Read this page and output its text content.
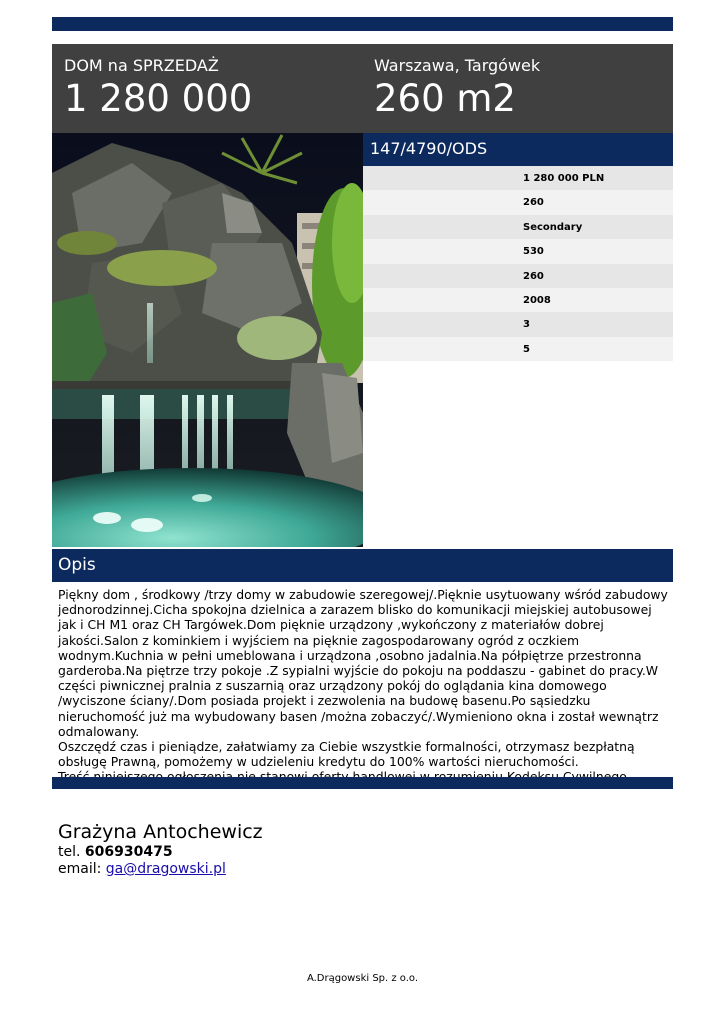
DOM na SPRZEDAŻ
1 280 000
Warszawa, Targówek
260 m2
147/4790/ODS
1 280 000 PLN
260
Secondary
530
260
2008
3
5
Opis

Piękny dom , środkowy /trzy domy w zabudowie szeregowej/.Pięknie usytuowany wśród zabudowy jednorodzinnej.Cicha spokojna dzielnica a zarazem blisko do komunikacji miejskiej autobusowej jak i CH M1 oraz CH Targówek.Dom pięknie urządzony ,wykończony z materiałów dobrej jakości.Salon z kominkiem i wyjściem na pięknie zagospodarowany ogród z oczkiem wodnym.Kuchnia w pełni umeblowana i urządzona ,osobno jadalnia.Na półpiętrze przestronna garderoba.Na piętrze trzy pokoje .Z sypialni wyjście do pokoju na poddaszu - gabinet do pracy.W części piwnicznej pralnia z suszarnią oraz urządzony pokój do oglądania kina domowego /wyciszone ściany/.Dom posiada projekt i zezwolenia na budowę basenu.Po sąsiedzku nieruchomość już ma wybudowany basen /można zobaczyć/.Wymieniono okna i został wewnątrz odmalowany.

Oszczędź czas i pieniądze, załatwiamy za Ciebie wszystkie formalności, otrzymasz bezpłatną obsługę Prawną, pomożemy w udzieleniu kredytu do 100% wartości nieruchomości.

Grażyna Antochewicz
tel. 606930475
email: ga@dragowski.pl
A.Drągowski Sp. z o.o.
